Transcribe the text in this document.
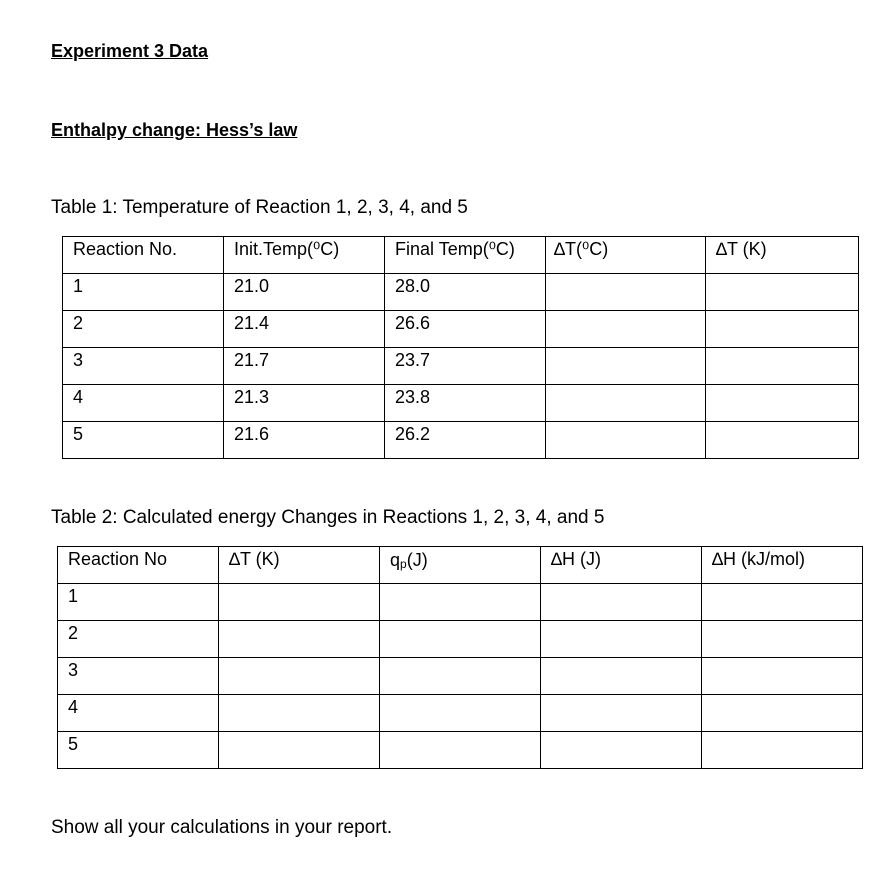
Experiment 3 Data

Enthalpy change: Hess’s law

Table 1: Temperature of Reaction 1, 2, 3, 4, and 5

Reaction No.	Init.Temp(⁰C)	Final Temp(⁰C)	∆T(⁰C)	∆T (K)
1	21.0	28.0		
2	21.4	26.6		
3	21.7	23.7		
4	21.3	23.8		
5	21.6	26.2		

Table 2: Calculated energy Changes in Reactions 1, 2, 3, 4, and 5

Reaction No	∆T (K)	$q_p(J)$	∆H (J)	∆H (kJ/mol)
1				
2				
3				
4				
5				

Show all your calculations in your report.
